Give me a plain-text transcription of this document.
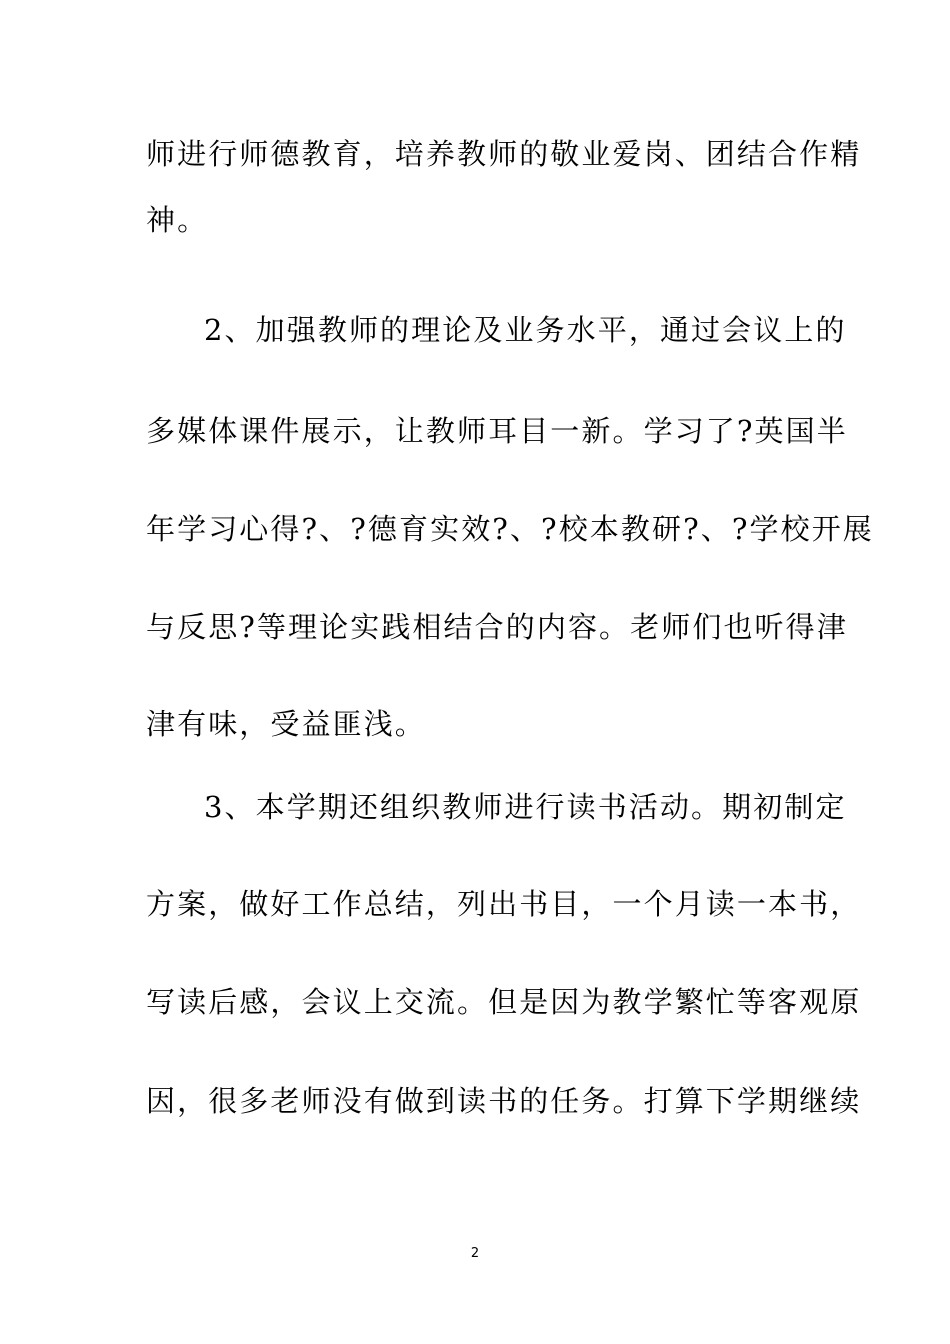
师进行师德教育，培养教师的敬业爱岗、团结合作精
神。
2、加强教师的理论及业务水平，通过会议上的
多媒体课件展示，让教师耳目一新。学习了?英国半
年学习心得?、?德育实效?、?校本教研?、?学校开展
与反思?等理论实践相结合的内容。老师们也听得津
津有味，受益匪浅。
3、本学期还组织教师进行读书活动。期初制定
方案，做好工作总结，列出书目，一个月读一本书，
写读后感，会议上交流。但是因为教学繁忙等客观原
因，很多老师没有做到读书的任务。打算下学期继续
2
